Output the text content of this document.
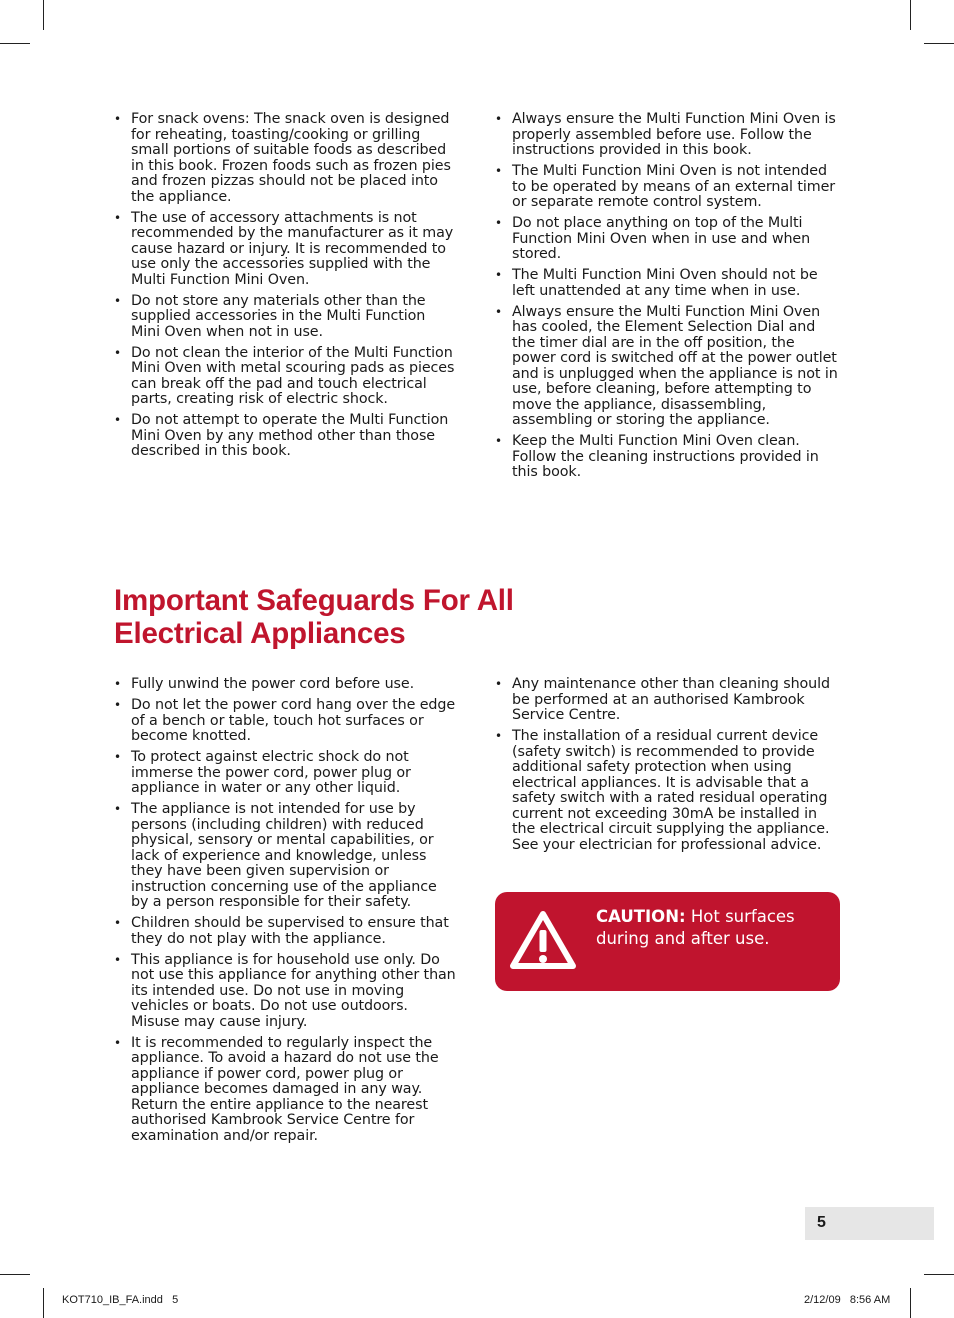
• For snack ovens: The snack oven is designed for reheating, toasting/cooking or grilling small portions of suitable foods as described in this book. Frozen foods such as frozen pies and frozen pizzas should not be placed into the appliance.
• The use of accessory attachments is not recommended by the manufacturer as it may cause hazard or injury. It is recommended to use only the accessories supplied with the Multi Function Mini Oven.
• Do not store any materials other than the supplied accessories in the Multi Function Mini Oven when not in use.
• Do not clean the interior of the Multi Function Mini Oven with metal scouring pads as pieces can break off the pad and touch electrical parts, creating risk of electric shock.
• Do not attempt to operate the Multi Function Mini Oven by any method other than those described in this book.
• Always ensure the Multi Function Mini Oven is properly assembled before use. Follow the instructions provided in this book.
• The Multi Function Mini Oven is not intended to be operated by means of an external timer or separate remote control system.
• Do not place anything on top of the Multi Function Mini Oven when in use and when stored.
• The Multi Function Mini Oven should not be left unattended at any time when in use.
• Always ensure the Multi Function Mini Oven has cooled, the Element Selection Dial and the timer dial are in the off position, the power cord is switched off at the power outlet and is unplugged when the appliance is not in use, before cleaning, before attempting to move the appliance, disassembling, assembling or storing the appliance.
• Keep the Multi Function Mini Oven clean. Follow the cleaning instructions provided in this book.
Important Safeguards For All
Electrical Appliances
• Fully unwind the power cord before use.
• Do not let the power cord hang over the edge of a bench or table, touch hot surfaces or become knotted.
• To protect against electric shock do not immerse the power cord, power plug or appliance in water or any other liquid.
• The appliance is not intended for use by persons (including children) with reduced physical, sensory or mental capabilities, or lack of experience and knowledge, unless they have been given supervision or instruction concerning use of the appliance by a person responsible for their safety.
• Children should be supervised to ensure that they do not play with the appliance.
• This appliance is for household use only. Do not use this appliance for anything other than its intended use. Do not use in moving vehicles or boats. Do not use outdoors. Misuse may cause injury.
• It is recommended to regularly inspect the appliance. To avoid a hazard do not use the appliance if power cord, power plug or appliance becomes damaged in any way. Return the entire appliance to the nearest authorised Kambrook Service Centre for examination and/or repair.
• Any maintenance other than cleaning should be performed at an authorised Kambrook Service Centre.
• The installation of a residual current device (safety switch) is recommended to provide additional safety protection when using electrical appliances. It is advisable that a safety switch with a rated residual operating current not exceeding 30mA be installed in the electrical circuit supplying the appliance. See your electrician for professional advice.
CAUTION: Hot surfaces during and after use.
5
KOT710_IB_FA.indd   5	2/12/09   8:56 AM
